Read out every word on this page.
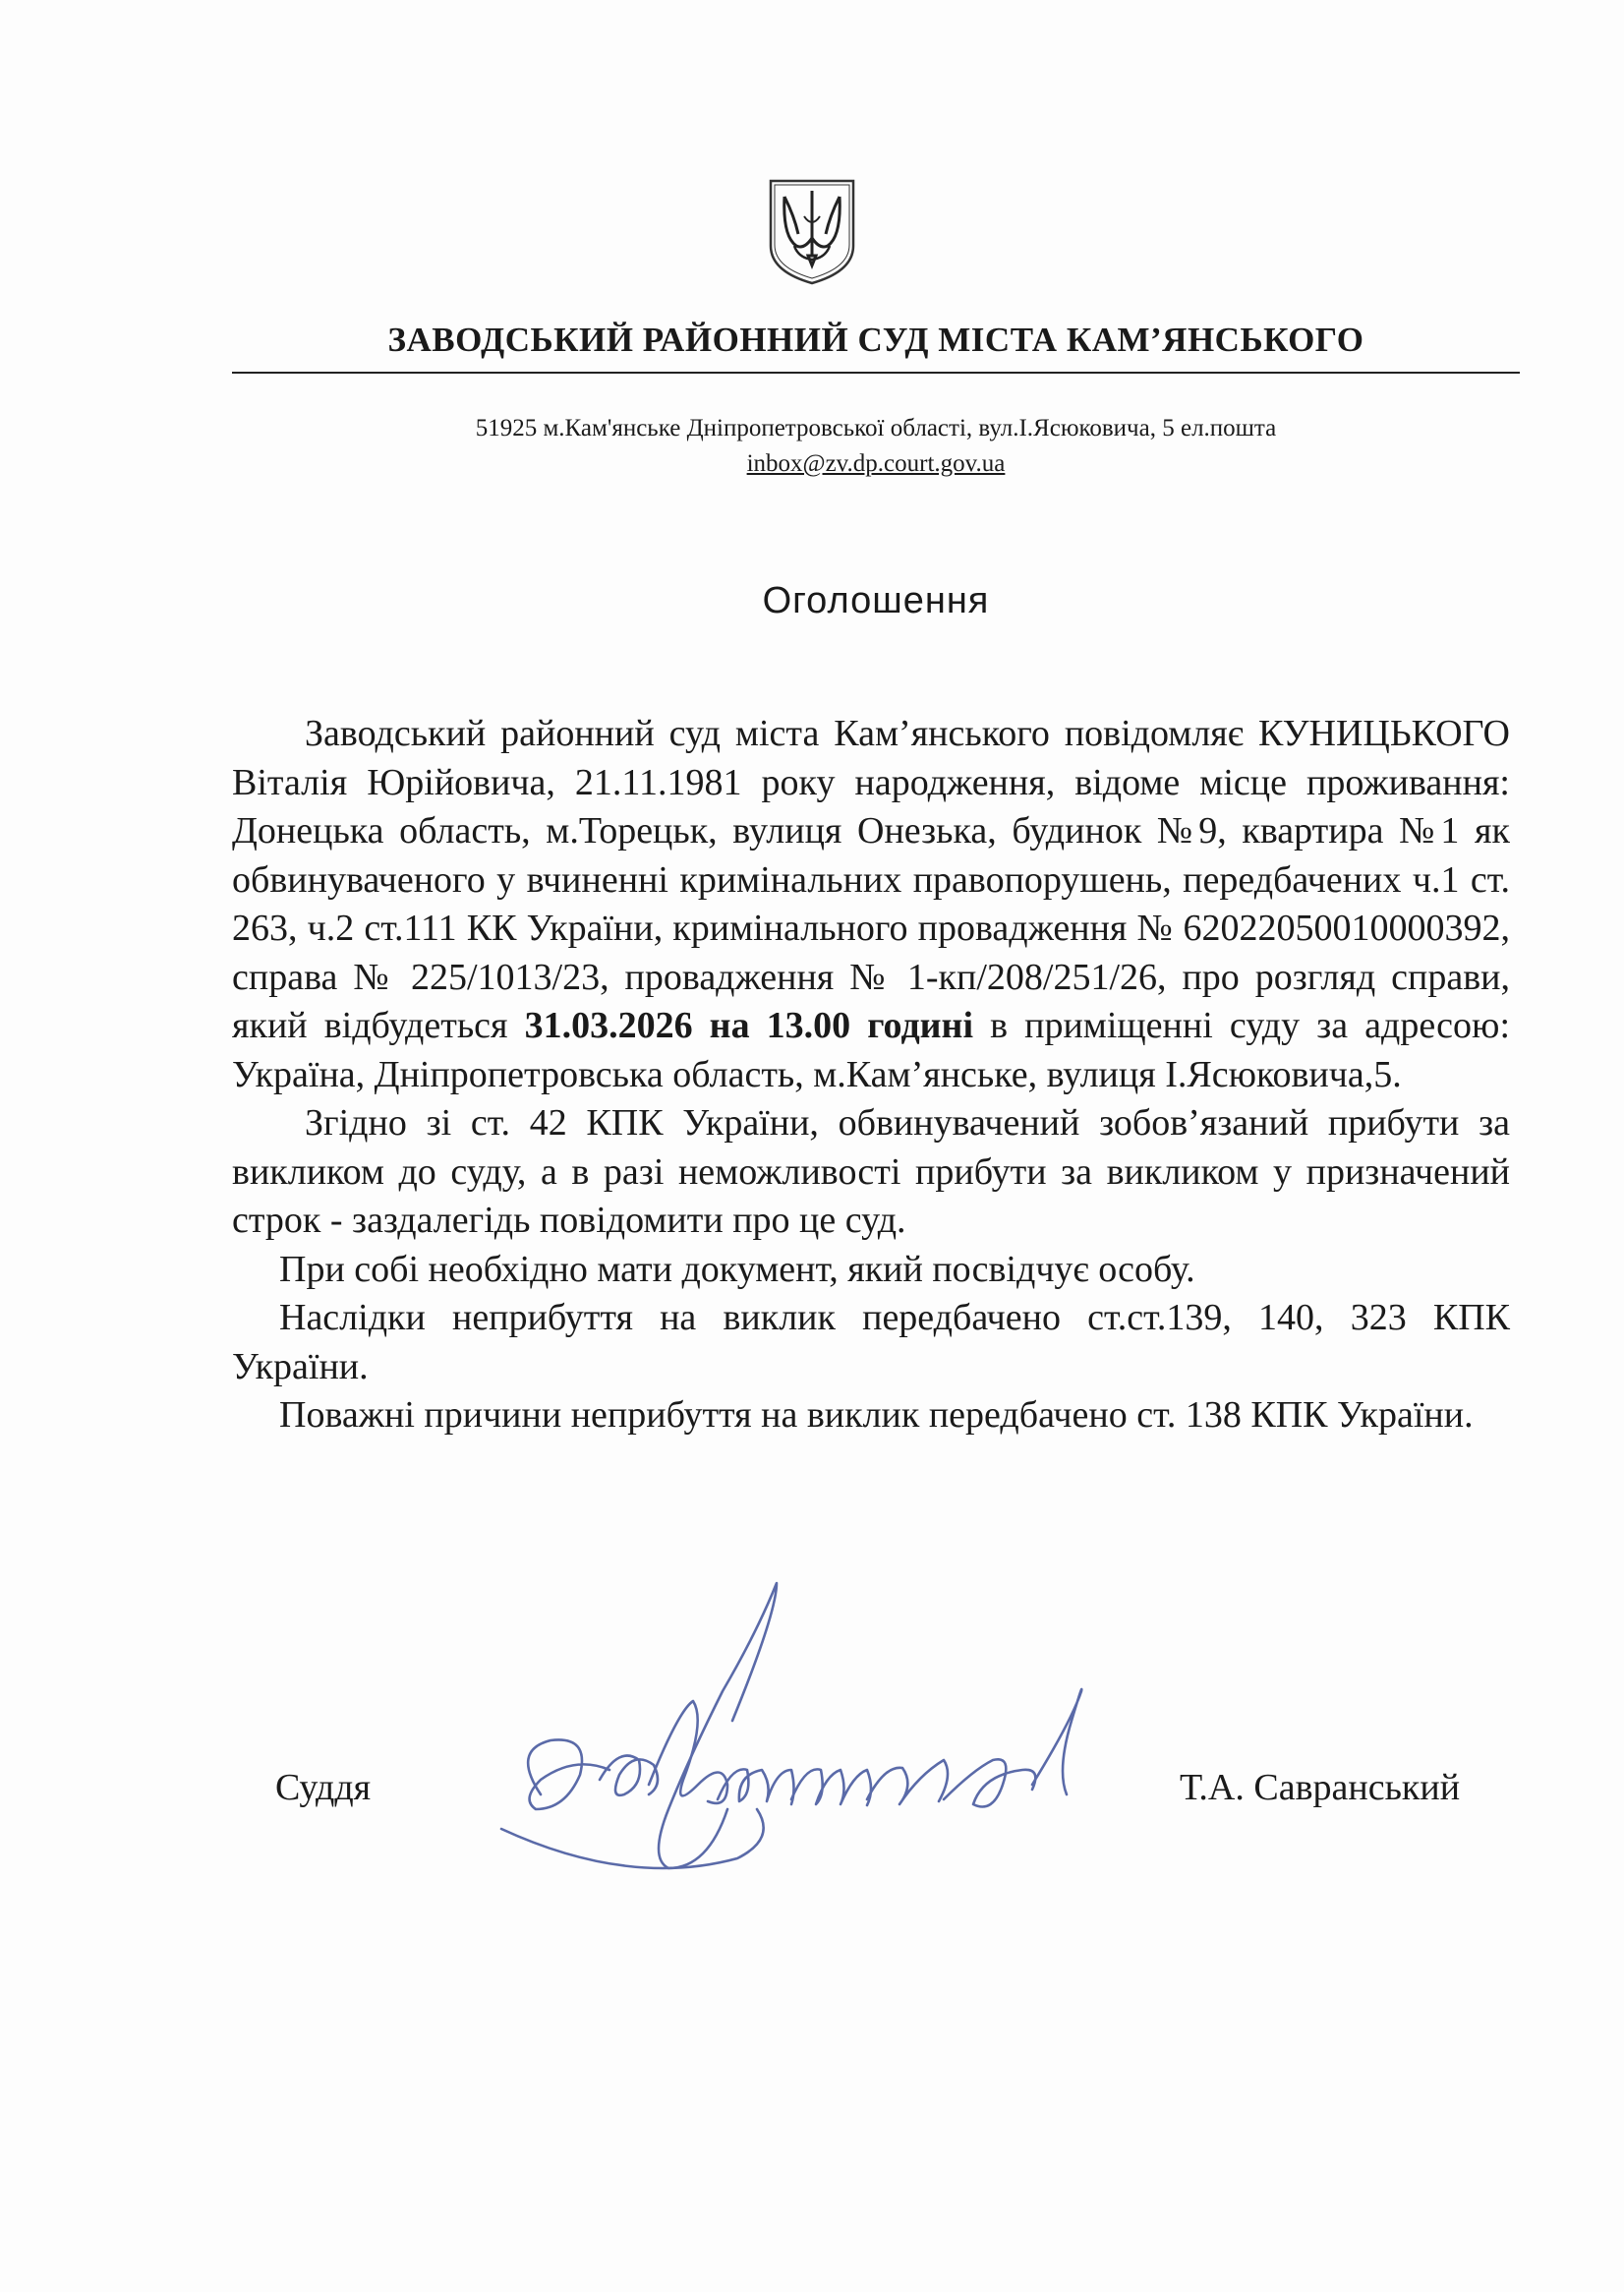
ЗАВОДСЬКИЙ РАЙОННИЙ СУД МІСТА КАМ’ЯНСЬКОГО
51925 м.Кам'янське Дніпропетровської області, вул.І.Ясюковича, 5 ел.пошта
inbox@zv.dp.court.gov.ua
Оголошення

Заводський районний суд міста Кам’янського повідомляє КУНИЦЬКОГО Віталія Юрійовича, 21.11.1981 року народження, відоме місце проживання: Донецька область, м.Торецьк, вулиця Онезька, будинок №9, квартира №1 як обвинуваченого у вчиненні кримінальних правопорушень, передбачених ч.1 ст. 263, ч.2 ст.111 КК України, кримінального провадження № 62022050010000392, справа № 225/1013/23, провадження № 1-кп/208/251/26, про розгляд справи, який відбудеться 31.03.2026 на 13.00 годині в приміщенні суду за адресою: Україна, Дніпропетровська область, м.Кам’янське, вулиця І.Ясюковича,5.

Згідно зі ст. 42 КПК України, обвинувачений зобов’язаний прибути за викликом до суду, а в разі неможливості прибути за викликом у призначений строк - заздалегідь повідомити про це суд.

При собі необхідно мати документ, який посвідчує особу.

Наслідки неприбуття на виклик передбачено ст.ст.139, 140, 323 КПК України.

Поважні причини неприбуття на виклик передбачено ст. 138 КПК України.

Суддя	Т.А. Савранський
